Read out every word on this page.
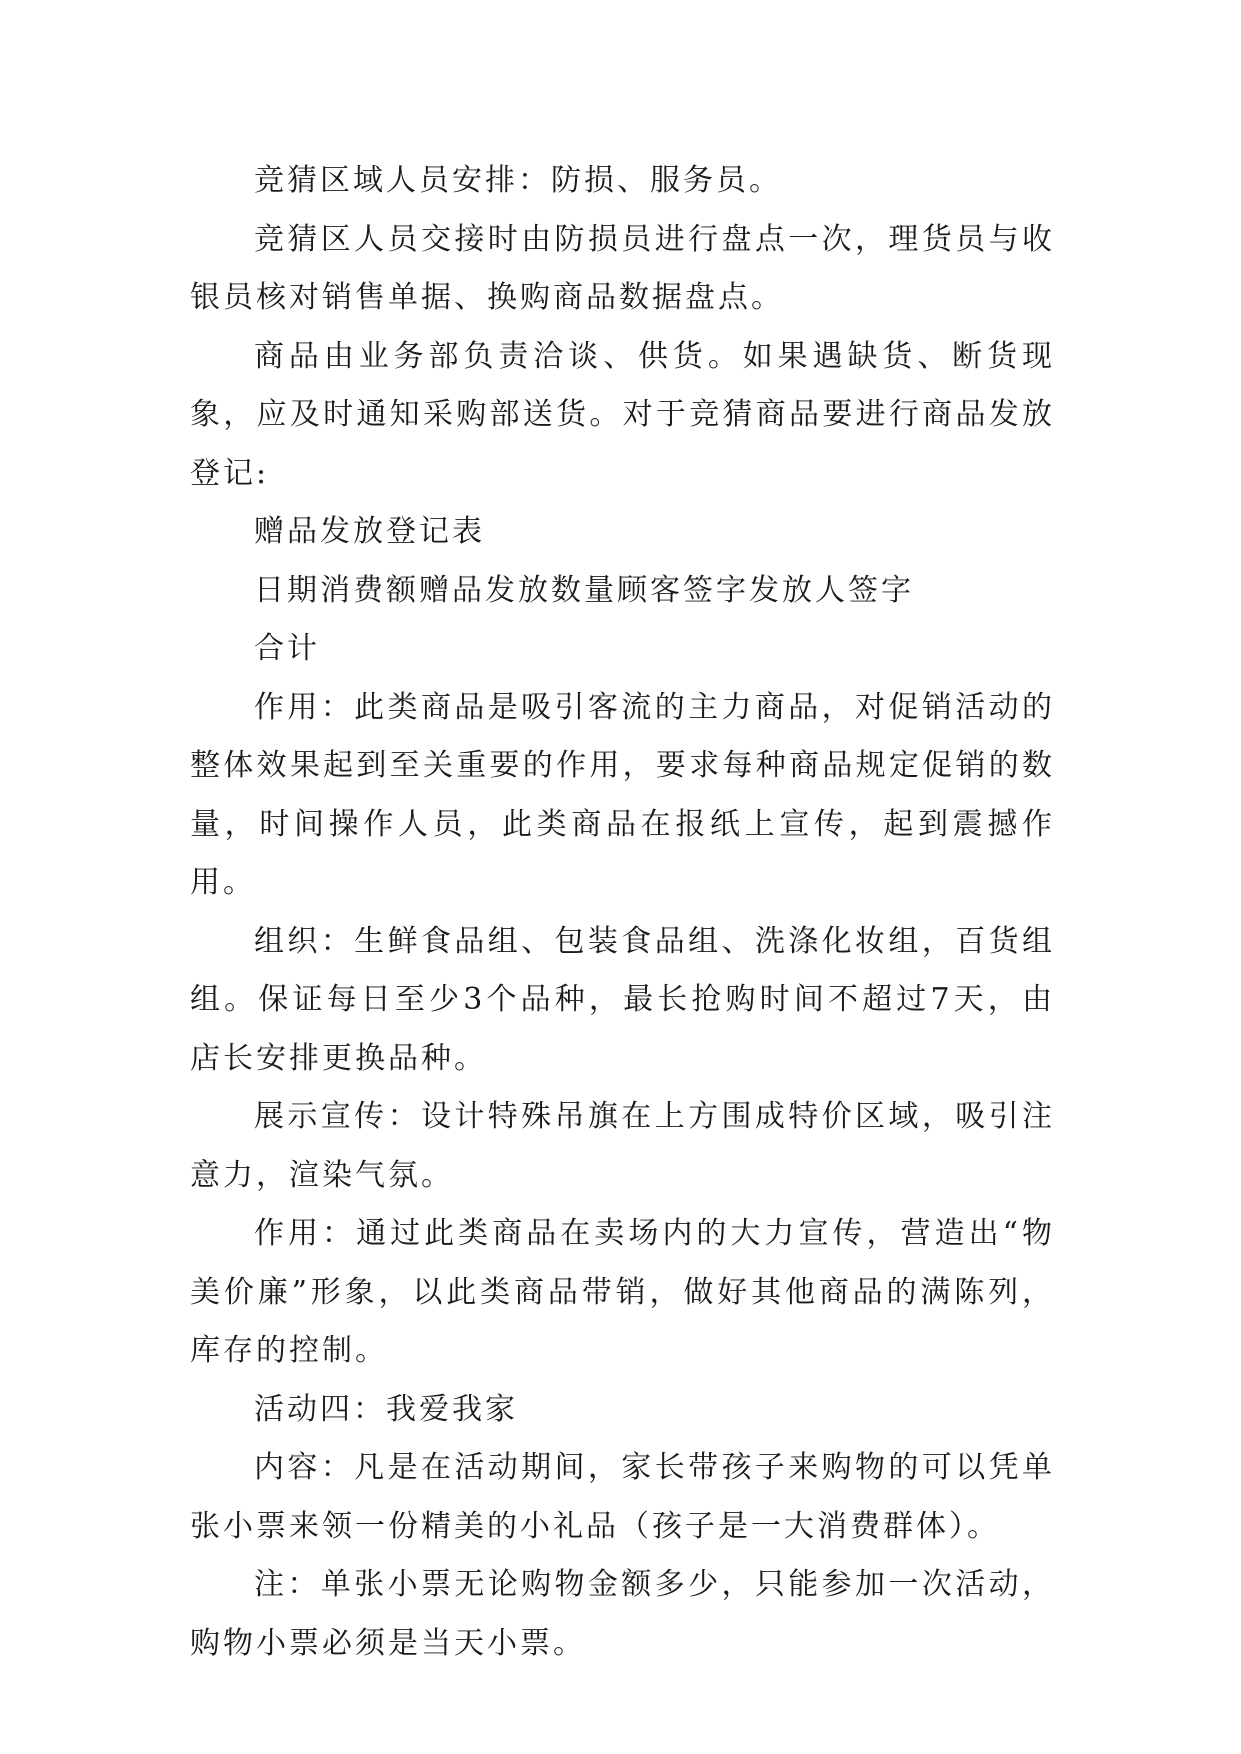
竞猜区域人员安排：防损、服务员。

竞猜区人员交接时由防损员进行盘点一次，理货员与收银员核对销售单据、换购商品数据盘点。

商品由业务部负责洽谈、供货。如果遇缺货、断货现象，应及时通知采购部送货。对于竞猜商品要进行商品发放登记:

赠品发放登记表

日期消费额赠品发放数量顾客签字发放人签字

合计

作用：此类商品是吸引客流的主力商品，对促销活动的整体效果起到至关重要的作用，要求每种商品规定促销的数量，时间操作人员，此类商品在报纸上宣传，起到震撼作用。

组织：生鲜食品组、包装食品组、洗涤化妆组，百货组组。保证每日至少3个品种，最长抢购时间不超过7天，由店长安排更换品种。

展示宣传：设计特殊吊旗在上方围成特价区域，吸引注意力，渲染气氛。

作用：通过此类商品在卖场内的大力宣传，营造出“物美价廉”形象，以此类商品带销，做好其他商品的满陈列，库存的控制。

活动四：我爱我家

内容：凡是在活动期间，家长带孩子来购物的可以凭单张小票来领一份精美的小礼品（孩子是一大消费群体）。

注：单张小票无论购物金额多少，只能参加一次活动，购物小票必须是当天小票。
